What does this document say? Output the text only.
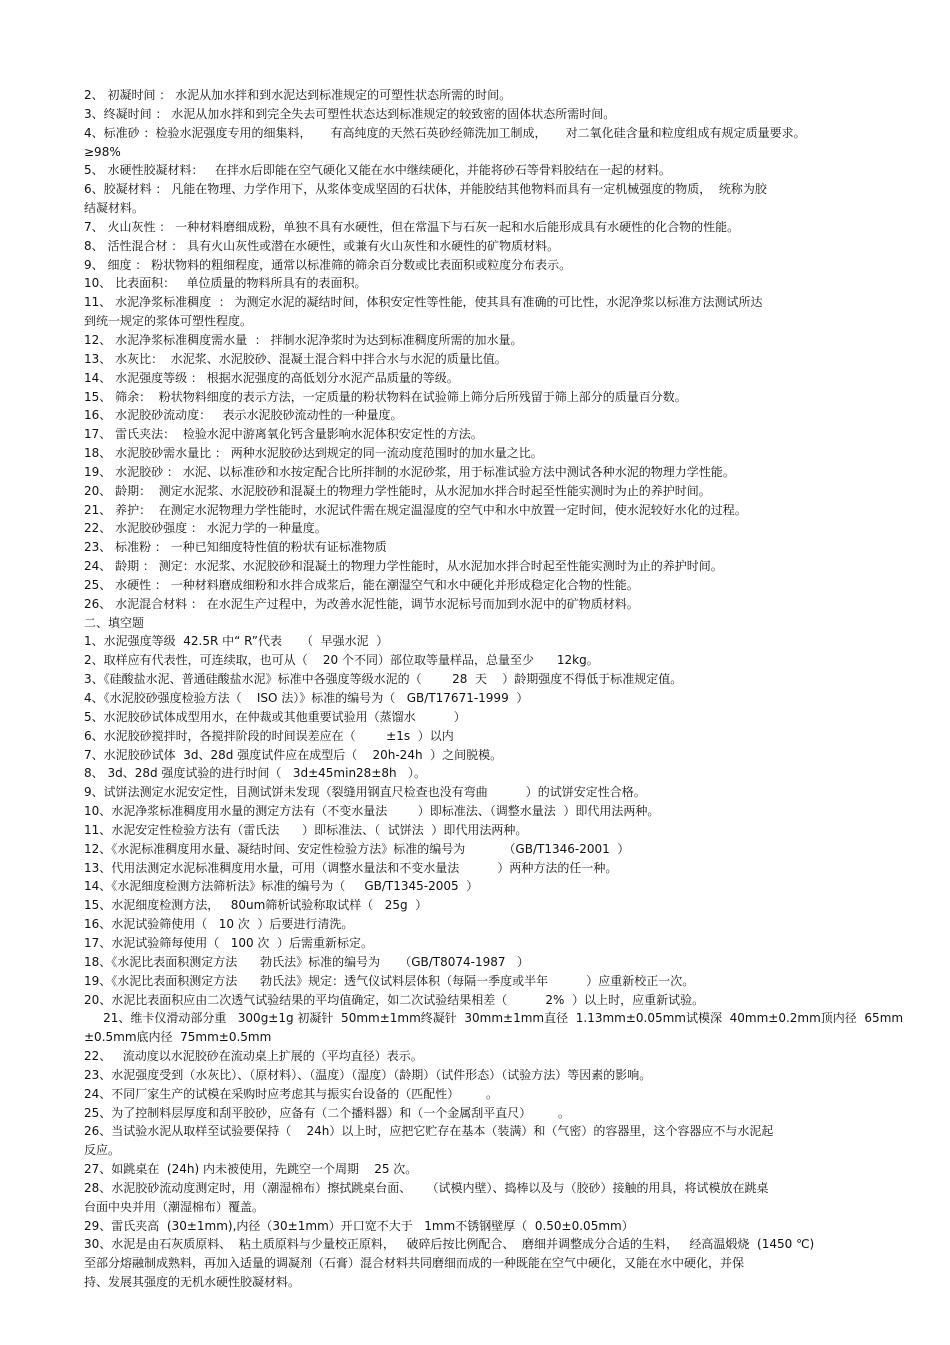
2、 初凝时间 ： 水泥从加水拌和到水泥达到标准规定的可塑性状态所需的时间。
3、终凝时间 ： 水泥从加水拌和到完全失去可塑性状态达到标准规定的较致密的固体状态所需时间。
4、标准砂 ：检验水泥强度专用的细集料，     有高纯度的天然石英砂经筛洗加工制成，     对二氧化硅含量和粒度组成有规定质量要求。
≥98%
5、 水硬性胶凝材料：   在拌水后即能在空气硬化又能在水中继续硬化，并能将砂石等骨料胶结在一起的材料。
6、胶凝材料 ： 凡能在物理、力学作用下，从浆体变成坚固的石状体，并能胶结其他物料而具有一定机械强度的物质，  统称为胶
结凝材料。
7、 火山灰性 ： 一种材料磨细成粉，单独不具有水硬性，但在常温下与石灰一起和水后能形成具有水硬性的化合物的性能。
8、 活性混合材 ： 具有火山灰性或潜在水硬性，或兼有火山灰性和水硬性的矿物质材料。
9、 细度 ： 粉状物料的粗细程度，通常以标准筛的筛余百分数或比表面积或粒度分布表示。
10、 比表面积：   单位质量的物料所具有的表面积。
11、 水泥净浆标准稠度  ： 为测定水泥的凝结时间，体积安定性等性能，使其具有准确的可比性，水泥净浆以标准方法测试所达
到统一规定的浆体可塑性程度。
12、 水泥净浆标准稠度需水量  ： 拌制水泥净浆时为达到标准稠度所需的加水量。
13、 水灰比：  水泥浆、水泥胶砂、混凝土混合料中拌合水与水泥的质量比值。
14、 水泥强度等级 ： 根据水泥强度的高低划分水泥产品质量的等级。
15、 筛余：  粉状物料细度的表示方法，一定质量的粉状物料在试验筛上筛分后所残留于筛上部分的质量百分数。
16、 水泥胶砂流动度：   表示水泥胶砂流动性的一种量度。
17、 雷氏夹法：  检验水泥中游离氧化钙含量影响水泥体积安定性的方法。
18、 水泥胶砂需水量比 ： 两种水泥胶砂达到规定的同一流动度范围时的加水量之比。
19、 水泥胶砂 ： 水泥、以标准砂和水按定配合比所拌制的水泥砂浆，用于标准试验方法中测试各种水泥的物理力学性能。
20、 龄期：  测定水泥浆、水泥胶砂和混凝土的物理力学性能时，从水泥加水拌合时起至性能实测时为止的养护时间。
21、 养护：  在测定水泥物理力学性能时，水泥试件需在规定温湿度的空气中和水中放置一定时间，使水泥较好水化的过程。
22、 水泥胶砂强度 ： 水泥力学的一种量度。
23、 标准粉 ： 一种已知细度特性值的粉状有证标准物质
24、 龄期 ： 测定：水泥浆、水泥胶砂和混凝土的物理力学性能时，从水泥加水拌合时起至性能实测时为止的养护时间。
25、 水硬性 ： 一种材料磨成细粉和水拌合成浆后，能在潮湿空气和水中硬化并形成稳定化合物的性能。
26、 水泥混合材料 ： 在水泥生产过程中，为改善水泥性能，调节水泥标号而加到水泥中的矿物质材料。
二、填空题
1、水泥强度等级  42.5R 中“ R”代表     （  早强水泥  ）
2、取样应有代表性，可连续取，也可从（    20 个不同）部位取等量样品，总量至少      12kg。
3、《硅酸盐水泥、普通硅酸盐水泥》标准中各强度等级水泥的（        28  天    ）龄期强度不得低于标准规定值。
4、《水泥胶砂强度检验方法（    ISO 法）》标准的编号为（   GB/T17671-1999  ）
5、水泥胶砂试体成型用水，在仲裁或其他重要试验用（蒸馏水          ）
6、水泥胶砂搅拌时，各搅拌阶段的时间误差应在（        ±1s  ）以内
7、水泥胶砂试体  3d、28d 强度试件应在成型后（    20h-24h  ）之间脱模。
8、 3d、28d 强度试验的进行时间（   3d±45min28±8h   ）。
9、试饼法测定水泥安定性，目测试饼未发现（裂缝用钢直尺检查也没有弯曲          ）的试饼安定性合格。
10、水泥净浆标准稠度用水量的测定方法有（不变水量法        ）即标准法、（调整水量法  ）即代用法两种。
11、水泥安定性检验方法有（雷氏法      ）即标准法、（  试饼法  ）即代用法两种。
12、《水泥标准稠度用水量、凝结时间、安定性检验方法》标准的编号为          （GB/T1346-2001  ）
13、代用法测定水泥标准稠度用水量，可用（调整水量法和不变水量法          ）两种方法的任一种。
14、《水泥细度检测方法筛析法》标准的编号为（     GB/T1345-2005  ）
15、水泥细度检测方法，   80um筛析试验称取试样（   25g  ）
16、水泥试验筛使用（   10 次  ）后要进行清洗。
17、水泥试验筛每使用（   100 次  ）后需重新标定。
18、《水泥比表面积测定方法      勃氏法》标准的编号为     （GB/T8074-1987   ）
19、《水泥比表面积测定方法      勃氏法》规定：透气仪试料层体积（每隔一季度或半年          ）应重新校正一次。
20、水泥比表面积应由二次透气试验结果的平均值确定，如二次试验结果相差（          2%  ）以上时，应重新试验。
21、维卡仪滑动部分重   300g±1g 初凝针  50mm±1mm终凝针  30mm±1mm直径  1.13mm±0.05mm试模深  40mm±0.2mm顶内径  65mm
±0.5mm底内径  75mm±0.5mm
22、   流动度以水泥胶砂在流动桌上扩展的（平均直径）表示。
23、水泥强度受到（水灰比）、（原材料）、（温度）（湿度）（龄期）（试件形态）（试验方法）等因素的影响。
24、不同厂家生产的试模在采购时应考虑其与振实台设备的（匹配性）       。
25、为了控制料层厚度和刮平胶砂，应备有（二个播料器）和（一个金属刮平直尺）       。
26、当试验水泥从取样至试验要保持（    24h）以上时，应把它贮存在基本（装满）和（气密）的容器里，这个容器应不与水泥起
反应。
27、如跳桌在  (24h) 内未被使用，先跳空一个周期    25 次。
28、水泥胶砂流动度测定时，用（潮湿棉布）擦拭跳桌台面、    （试模内壁）、捣棒以及与（胶砂）接触的用具，将试模放在跳桌
台面中央并用（潮湿棉布）覆盖。
29、雷氏夹高  (30±1mm),内径（30±1mm）开口宽不大于   1mm不锈钢壁厚（  0.50±0.05mm）
30、水泥是由石灰质原料、  粘土质原料与少量校正原料，   破碎后按比例配合、  磨细并调整成分合适的生料，   经高温煅烧  (1450 ℃)
至部分熔融制成熟料，再加入适量的调凝剂（石膏）混合材料共同磨细而成的一种既能在空气中硬化，又能在水中硬化，并保
持、发展其强度的无机水硬性胶凝材料。
